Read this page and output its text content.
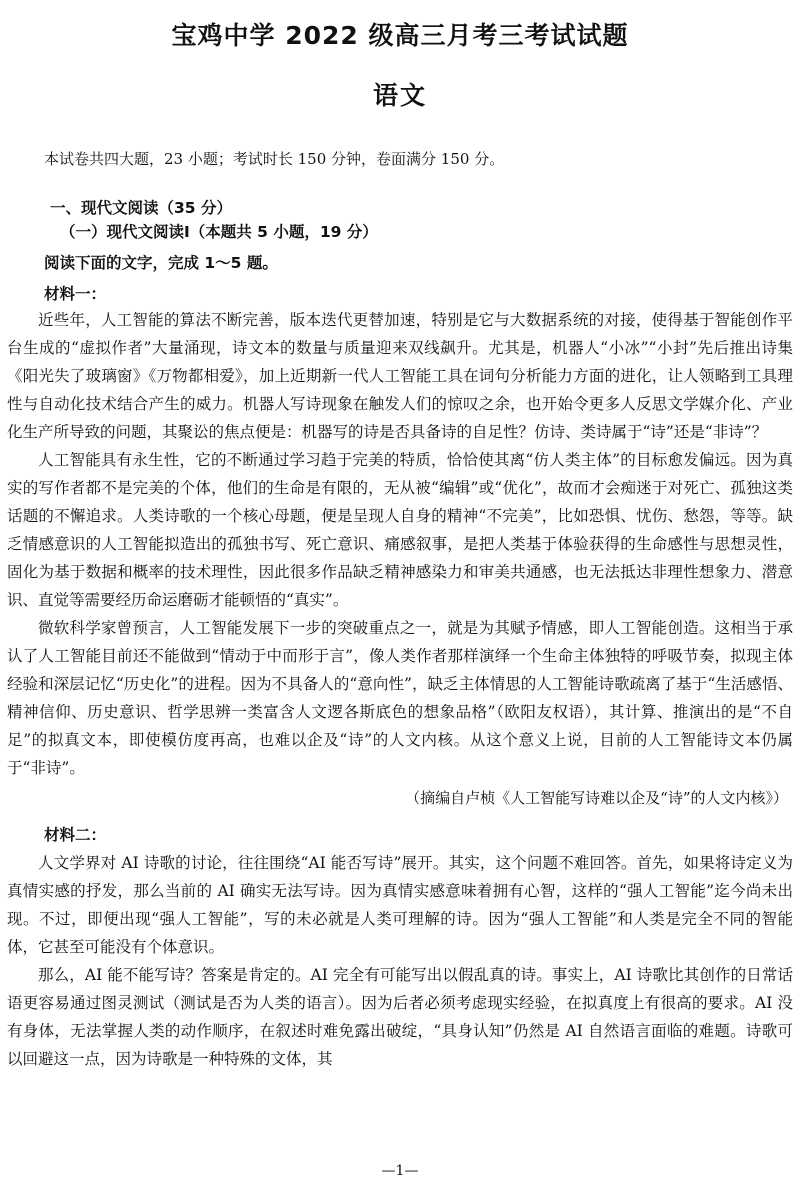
宝鸡中学 2022 级高三月考三考试试题
语文
本试卷共四大题，23 小题；考试时长 150 分钟，卷面满分 150 分。
一、现代文阅读（35 分）
（一）现代文阅读Ⅰ（本题共 5 小题，19 分）
阅读下面的文字，完成 1～5 题。
材料一：

近些年，人工智能的算法不断完善，版本迭代更替加速，特别是它与大数据系统的对接，使得基于智能创作平台生成的“虚拟作者”大量涌现，诗文本的数量与质量迎来双线飙升。尤其是，机器人“小冰”“小封”先后推出诗集《阳光失了玻璃窗》《万物都相爱》，加上近期新一代人工智能工具在词句分析能力方面的进化，让人领略到工具理性与自动化技术结合产生的威力。机器人写诗现象在触发人们的惊叹之余，也开始令更多人反思文学媒介化、产业化生产所导致的问题，其聚讼的焦点便是：机器写的诗是否具备诗的自足性？仿诗、类诗属于“诗”还是“非诗”？

人工智能具有永生性，它的不断通过学习趋于完美的特质，恰恰使其离“仿人类主体”的目标愈发偏远。因为真实的写作者都不是完美的个体，他们的生命是有限的，无从被“编辑”或“优化”，故而才会痴迷于对死亡、孤独这类话题的不懈追求。人类诗歌的一个核心母题，便是呈现人自身的精神“不完美”，比如恐惧、忧伤、愁怨，等等。缺乏情感意识的人工智能拟造出的孤独书写、死亡意识、痛感叙事，是把人类基于体验获得的生命感性与思想灵性，固化为基于数据和概率的技术理性，因此很多作品缺乏精神感染力和审美共通感，也无法抵达非理性想象力、潜意识、直觉等需要经历命运磨砺才能顿悟的“真实”。

微软科学家曾预言，人工智能发展下一步的突破重点之一，就是为其赋予情感，即人工智能创造。这相当于承认了人工智能目前还不能做到“情动于中而形于言”，像人类作者那样演绎一个生命主体独特的呼吸节奏，拟现主体经验和深层记忆“历史化”的进程。因为不具备人的“意向性”，缺乏主体情思的人工智能诗歌疏离了基于“生活感悟、精神信仰、历史意识、哲学思辨一类富含人文逻各斯底色的想象品格”（欧阳友权语），其计算、推演出的是“不自足”的拟真文本，即使模仿度再高，也难以企及“诗”的人文内核。从这个意义上说，目前的人工智能诗文本仍属于“非诗”。

（摘编自卢桢《人工智能写诗难以企及“诗”的人文内核》）
材料二：

人文学界对 AI 诗歌的讨论，往往围绕“AI 能否写诗”展开。其实，这个问题不难回答。首先，如果将诗定义为真情实感的抒发，那么当前的 AI 确实无法写诗。因为真情实感意味着拥有心智，这样的“强人工智能”迄今尚未出现。不过，即便出现“强人工智能”，写的未必就是人类可理解的诗。因为“强人工智能”和人类是完全不同的智能体，它甚至可能没有个体意识。

那么，AI 能不能写诗？答案是肯定的。AI 完全有可能写出以假乱真的诗。事实上，AI 诗歌比其创作的日常话语更容易通过图灵测试（测试是否为人类的语言）。因为后者必须考虑现实经验，在拟真度上有很高的要求。AI 没有身体，无法掌握人类的动作顺序，在叙述时难免露出破绽，“具身认知”仍然是 AI 自然语言面临的难题。诗歌可以回避这一点，因为诗歌是一种特殊的文体，其

—1—
